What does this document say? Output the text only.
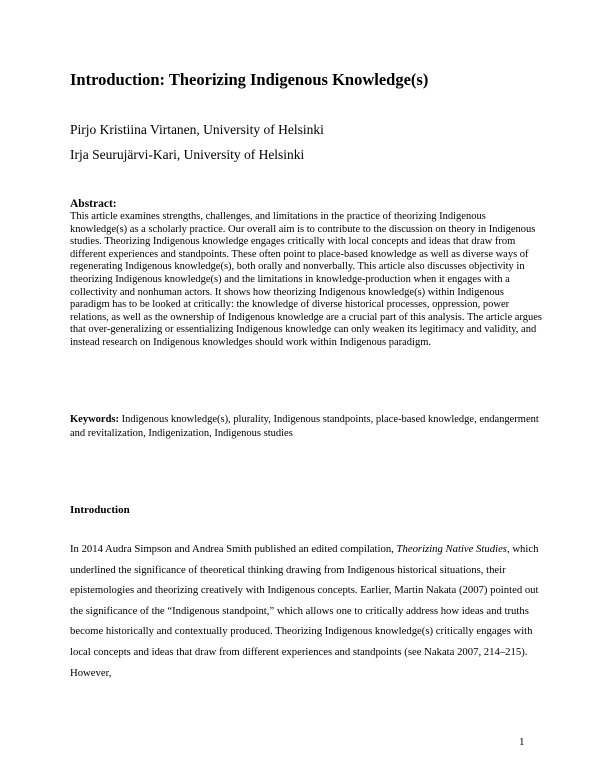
Introduction: Theorizing Indigenous Knowledge(s)
Pirjo Kristiina Virtanen, University of Helsinki
Irja Seurujärvi-Kari, University of Helsinki
Abstract:
This article examines strengths, challenges, and limitations in the practice of theorizing Indigenous knowledge(s) as a scholarly practice. Our overall aim is to contribute to the discussion on theory in Indigenous studies. Theorizing Indigenous knowledge engages critically with local concepts and ideas that draw from different experiences and standpoints. These often point to place-based knowledge as well as diverse ways of regenerating Indigenous knowledge(s), both orally and nonverbally. This article also discusses objectivity in theorizing Indigenous knowledge(s) and the limitations in knowledge-production when it engages with a collectivity and nonhuman actors. It shows how theorizing Indigenous knowledge(s) within Indigenous paradigm has to be looked at critically: the knowledge of diverse historical processes, oppression, power relations, as well as the ownership of Indigenous knowledge are a crucial part of this analysis. The article argues that over-generalizing or essentializing Indigenous knowledge can only weaken its legitimacy and validity, and instead research on Indigenous knowledges should work within Indigenous paradigm.
Keywords: Indigenous knowledge(s), plurality, Indigenous standpoints, place-based knowledge, endangerment and revitalization, Indigenization, Indigenous studies
Introduction
In 2014 Audra Simpson and Andrea Smith published an edited compilation, Theorizing Native Studies, which underlined the significance of theoretical thinking drawing from Indigenous historical situations, their epistemologies and theorizing creatively with Indigenous concepts. Earlier, Martin Nakata (2007) pointed out the significance of the “Indigenous standpoint,” which allows one to critically address how ideas and truths become historically and contextually produced. Theorizing Indigenous knowledge(s) critically engages with local concepts and ideas that draw from different experiences and standpoints (see Nakata 2007, 214–215). However,
1
